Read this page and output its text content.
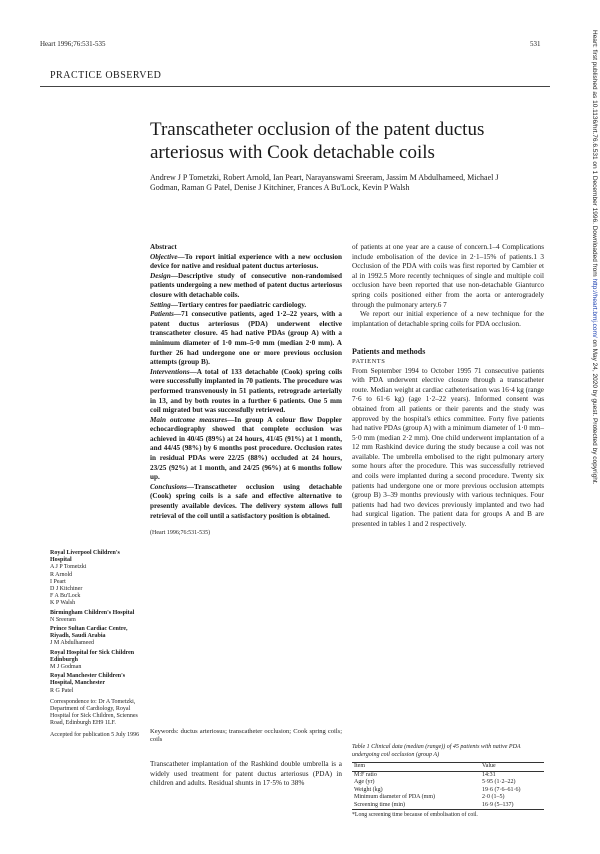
Heart 1996;76:531-535	531
PRACTICE OBSERVED
Transcatheter occlusion of the patent ductus arteriosus with Cook detachable coils
Andrew J P Tometzki, Robert Arnold, Ian Peart, Narayanswami Sreeram, Jassim M Abdulhameed, Michael J Godman, Raman G Patel, Denise J Kitchiner, Frances A Bu'Lock, Kevin P Walsh

Abstract

Objective—To report initial experience with a new occlusion device for native and residual patent ductus arteriosus.

Design—Descriptive study of consecutive non-randomised patients undergoing a new method of patent ductus arteriosus closure with detachable coils.

Setting—Tertiary centres for paediatric cardiology.

Patients—71 consecutive patients, aged 1·2–22 years, with a patent ductus arteriosus (PDA) underwent elective transcatheter closure. 45 had native PDAs (group A) with a minimum diameter of 1·0 mm–5·0 mm (median 2·0 mm). A further 26 had undergone one or more previous occlusion attempts (group B).

Interventions—A total of 133 detachable (Cook) spring coils were successfully implanted in 70 patients. The procedure was performed transvenously in 51 patients, retrograde arterially in 13, and by both routes in a further 6 patients. One 5 mm coil migrated but was successfully retrieved.

Main outcome measures—In group A colour flow Doppler echocardiography showed that complete occlusion was achieved in 40/45 (89%) at 24 hours, 41/45 (91%) at 1 month, and 44/45 (98%) by 6 months post procedure. Occlusion rates in residual PDAs were 22/25 (88%) occluded at 24 hours, 23/25 (92%) at 1 month, and 24/25 (96%) at 6 months follow up.

Conclusions—Transcatheter occlusion using detachable (Cook) spring coils is a safe and effective alternative to presently available devices. The delivery system allows full retrieval of the coil until a satisfactory position is obtained.

(Heart 1996;76:531-535)

Keywords: ductus arteriosus; transcatheter occlusion; Cook spring coils; coils
Transcatheter implantation of the Rashkind double umbrella is a widely used treatment for patent ductus arteriosus (PDA) in children and adults. Residual shunts in 17·5% to 38%
of patients at one year are a cause of concern.1–4 Complications include embolisation of the device in 2·1–15% of patients.1 3 Occlusion of the PDA with coils was first reported by Cambier et al in 1992.5 More recently techniques of single and multiple coil occlusion have been reported that use non-detachable Gianturco spring coils positioned either from the aorta or anterogradely through the pulmonary artery.6 7
We report our initial experience of a new technique for the implantation of detachable spring coils for PDA occlusion.
Patients and methods
PATIENTS
From September 1994 to October 1995 71 consecutive patients with PDA underwent elective closure through a transcatheter route. Median weight at cardiac catheterisation was 16·4 kg (range 7·6 to 61·6 kg) (age 1·2–22 years). Informed consent was obtained from all patients or their parents and the study was approved by the hospital's ethics committee. Forty five patients had native PDAs (group A) with a minimum diameter of 1·0 mm–5·0 mm (median 2·2 mm). One child underwent implantation of a 12 mm Rashkind device during the study because a coil was not available. The umbrella embolised to the right pulmonary artery some hours after the procedure. This was successfully retrieved and coils were implanted during a second procedure. Twenty six patients had undergone one or more previous occlusion attempts (group B) 3–39 months previously with various techniques. Four patients had had two devices previously implanted and two had had surgical ligation. The patient data for groups A and B are presented in tables 1 and 2 respectively.
Table 1 Clinical data (median (range)) of 45 patients with native PDA undergoing coil occlusion (group A)
Item	Value
M:F ratio	14:31
Age (yr)	5·95 (1·2–22)
Weight (kg)	19·6 (7·6–61·6)
Minimum diameter of PDA (mm)	2·0 (1–5)
Screening time (min)	16·9 (5–137)
*Long screening time because of embolisation of coil.
Royal Liverpool Children's Hospital
A J P Tometzki
R Arnold
I Peart
D J Kitchiner
F A Bu'Lock
K P Walsh
Birmingham Children's Hospital
N Sreeram
Prince Sultan Cardiac Centre, Riyadh, Saudi Arabia
J M Abdulhameed
Royal Hospital for Sick Children Edinburgh
M J Godman
Royal Manchester Children's Hospital, Manchester
R G Patel
Correspondence to: Dr A Tometzki, Department of Cardiology, Royal Hospital for Sick Children, Sciennes Road, Edinburgh EH9 1LF.
Accepted for publication 5 July 1996
Heart: first published as 10.1136/hrt.76.6.531 on 1 December 1996. Downloaded from http://heart.bmj.com/ on May 24, 2020 by guest. Protected by copyright.
